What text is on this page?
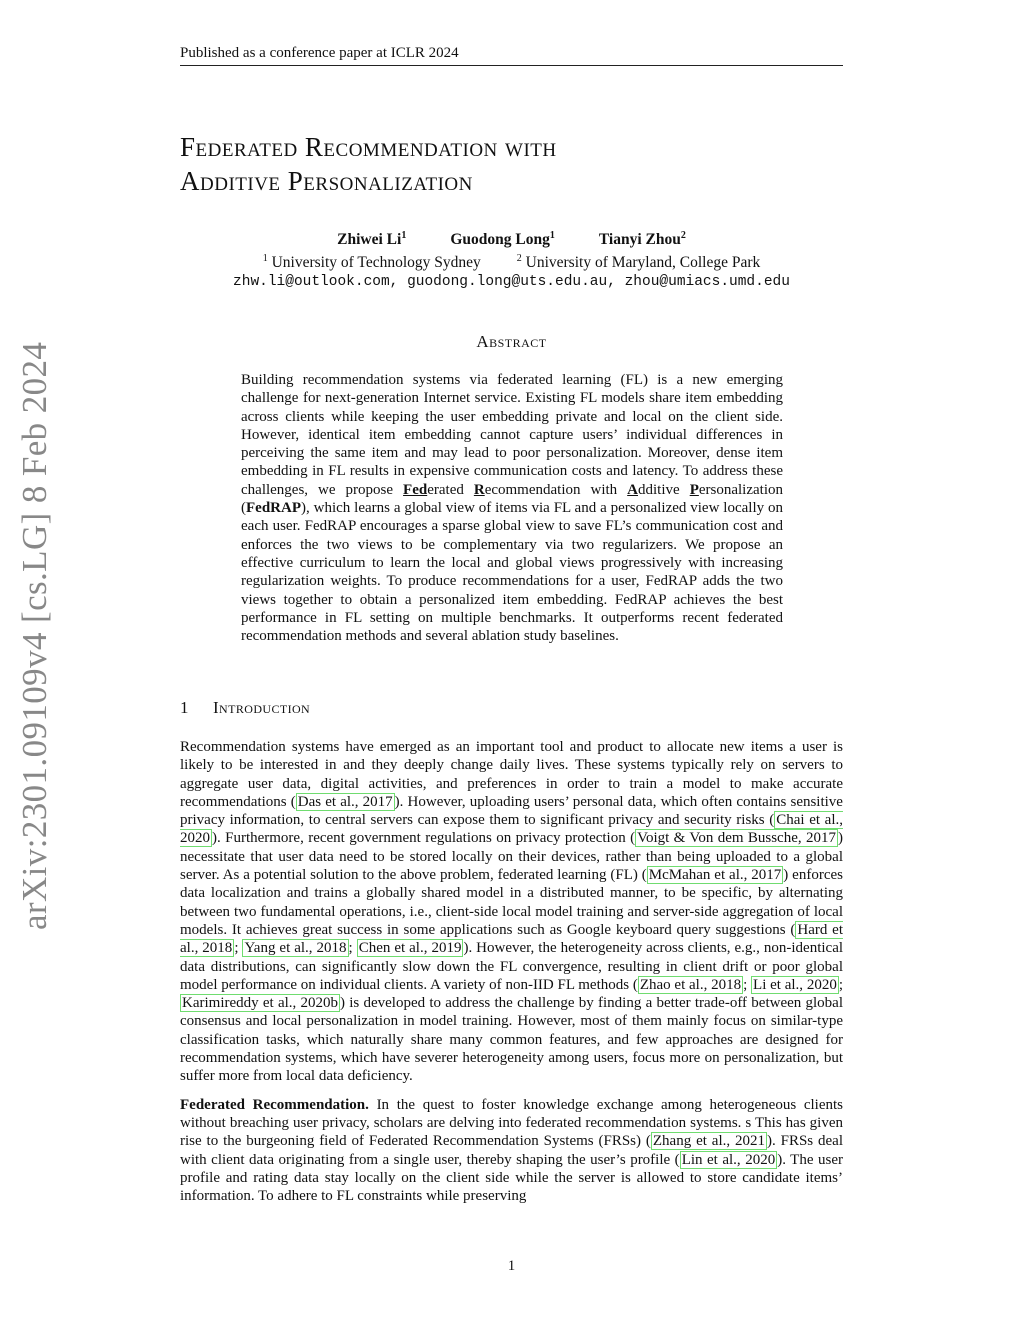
Published as a conference paper at ICLR 2024
Federated Recommendation with
Additive Personalization
Zhiwei Li$^1$	Guodong Long$^1$	Tianyi Zhou$^2$
$^1$ University of Technology Sydney	$^2$ University of Maryland, College Park
zhw.li@outlook.com, guodong.long@uts.edu.au, zhou@umiacs.umd.edu
Abstract
Building recommendation systems via federated learning (FL) is a new emerging challenge for next-generation Internet service. Existing FL models share item embedding across clients while keeping the user embedding private and local on the client side. However, identical item embedding cannot capture users’ individual differences in perceiving the same item and may lead to poor personalization. Moreover, dense item embedding in FL results in expensive communication costs and latency. To address these challenges, we propose Federated Recommendation with Additive Personalization (FedRAP), which learns a global view of items via FL and a personalized view locally on each user. FedRAP encourages a sparse global view to save FL’s communication cost and enforces the two views to be complementary via two regularizers. We propose an effective curriculum to learn the local and global views progressively with increasing regularization weights. To produce recommendations for a user, FedRAP adds the two views together to obtain a personalized item embedding. FedRAP achieves the best performance in FL setting on multiple benchmarks. It outperforms recent federated recommendation methods and several ablation study baselines.
1 Introduction

Recommendation systems have emerged as an important tool and product to allocate new items a user is likely to be interested in and they deeply change daily lives. These systems typically rely on servers to aggregate user data, digital activities, and preferences in order to train a model to make accurate recommendations ( Das et al., 2017 ). However, uploading users’ personal data, which often contains sensitive privacy information, to central servers can expose them to significant privacy and security risks ( Chai et al., 2020 ). Furthermore, recent government regulations on privacy protection ( Voigt & Von dem Bussche, 2017 ) necessitate that user data need to be stored locally on their devices, rather than being uploaded to a global server. As a potential solution to the above problem, federated learning (FL) ( McMahan et al., 2017 ) enforces data localization and trains a globally shared model in a distributed manner, to be specific, by alternating between two fundamental operations, i.e., client-side local model training and server-side aggregation of local models. It achieves great success in some applications such as Google keyboard query suggestions ( Hard et al., 2018 ; Yang et al., 2018 ; Chen et al., 2019 ). However, the heterogeneity across clients, e.g., non-identical data distributions, can significantly slow down the FL convergence, resulting in client drift or poor global model performance on individual clients. A variety of non-IID FL methods ( Zhao et al., 2018 ; Li et al., 2020 ; Karimireddy et al., 2020b ) is developed to address the challenge by finding a better trade-off between global consensus and local personalization in model training. However, most of them mainly focus on similar-type classification tasks, which naturally share many common features, and few approaches are designed for recommendation systems, which have severer heterogeneity among users, focus more on personalization, but suffer more from local data deficiency.

Federated Recommendation. In the quest to foster knowledge exchange among heterogeneous clients without breaching user privacy, scholars are delving into federated recommendation systems. s This has given rise to the burgeoning field of Federated Recommendation Systems (FRSs) ( Zhang et al., 2021 ). FRSs deal with client data originating from a single user, thereby shaping the user’s profile ( Lin et al., 2020 ). The user profile and rating data stay locally on the client side while the server is allowed to store candidate items’ information. To adhere to FL constraints while preserving

arXiv:2301.09109v4 [cs.LG] 8 Feb 2024
1
